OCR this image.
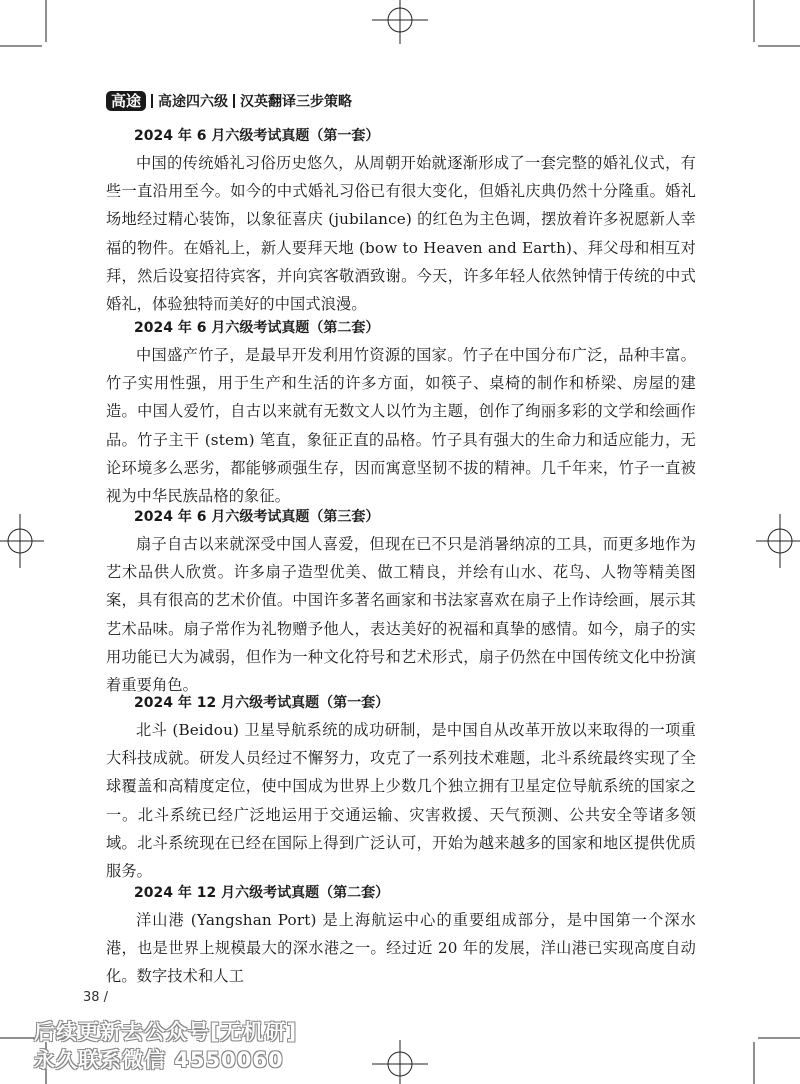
高途	高途四六级 汉英翻译三步策略
2024 年 6 月六级考试真题（第一套）

中国的传统婚礼习俗历史悠久，从周朝开始就逐渐形成了一套完整的婚礼仪式，有些一直沿用至今。如今的中式婚礼习俗已有很大变化，但婚礼庆典仍然十分隆重。婚礼场地经过精心装饰，以象征喜庆 (jubilance) 的红色为主色调，摆放着许多祝愿新人幸福的物件。在婚礼上，新人要拜天地 (bow to Heaven and Earth)、拜父母和相互对拜，然后设宴招待宾客，并向宾客敬酒致谢。今天，许多年轻人依然钟情于传统的中式婚礼，体验独特而美好的中国式浪漫。

2024 年 6 月六级考试真题（第二套）

中国盛产竹子，是最早开发利用竹资源的国家。竹子在中国分布广泛，品种丰富。竹子实用性强，用于生产和生活的许多方面，如筷子、桌椅的制作和桥梁、房屋的建造。中国人爱竹，自古以来就有无数文人以竹为主题，创作了绚丽多彩的文学和绘画作品。竹子主干 (stem) 笔直，象征正直的品格。竹子具有强大的生命力和适应能力，无论环境多么恶劣，都能够顽强生存，因而寓意坚韧不拔的精神。几千年来，竹子一直被视为中华民族品格的象征。

2024 年 6 月六级考试真题（第三套）

扇子自古以来就深受中国人喜爱，但现在已不只是消暑纳凉的工具，而更多地作为艺术品供人欣赏。许多扇子造型优美、做工精良，并绘有山水、花鸟、人物等精美图案，具有很高的艺术价值。中国许多著名画家和书法家喜欢在扇子上作诗绘画，展示其艺术品味。扇子常作为礼物赠予他人，表达美好的祝福和真挚的感情。如今，扇子的实用功能已大为减弱，但作为一种文化符号和艺术形式，扇子仍然在中国传统文化中扮演着重要角色。

2024 年 12 月六级考试真题（第一套）

北斗 (Beidou) 卫星导航系统的成功研制，是中国自从改革开放以来取得的一项重大科技成就。研发人员经过不懈努力，攻克了一系列技术难题，北斗系统最终实现了全球覆盖和高精度定位，使中国成为世界上少数几个独立拥有卫星定位导航系统的国家之一。北斗系统已经广泛地运用于交通运输、灾害救援、天气预测、公共安全等诸多领域。北斗系统现在已经在国际上得到广泛认可，开始为越来越多的国家和地区提供优质服务。

2024 年 12 月六级考试真题（第二套）

洋山港 (Yangshan Port) 是上海航运中心的重要组成部分，是中国第一个深水港，也是世界上规模最大的深水港之一。经过近 20 年的发展，洋山港已实现高度自动化。数字技术和人工

38 /
后续更新去公众号[无机研]
永久联系微信 4550060
